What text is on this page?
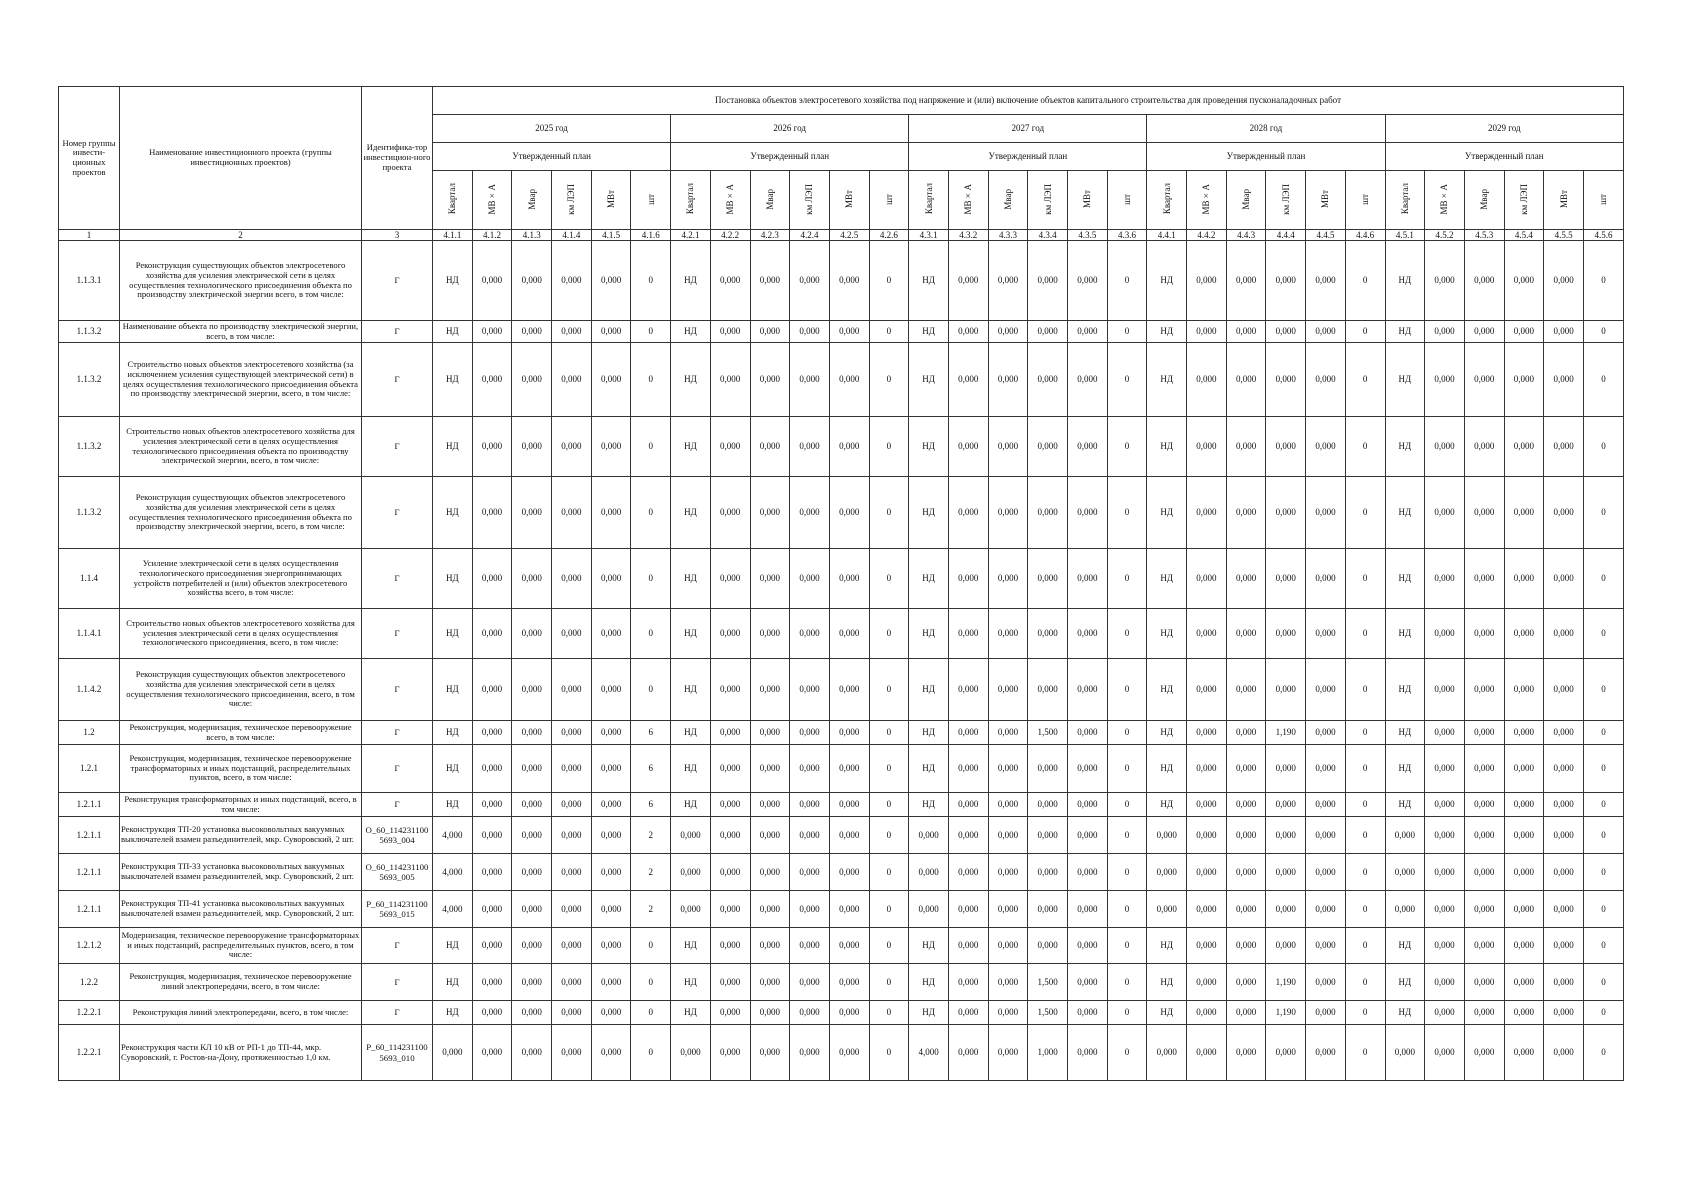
Номер группы инвести-ционных проектов	Наименование инвестиционного проекта (группы инвестиционных проектов)	Идентифика-тор инвестицион-ного проекта	Постановка объектов электросетевого хозяйства под напряжение и (или) включение объектов капитального строительства для проведения пусконаладочных работ																													
			2025 год						2026 год						2027 год						2028 год						2029 год					
			Утвержденный план						Утвержденный план						Утвержденный план						Утвержденный план						Утвержденный план					
			Квартал	МВ×А	Мвар	км ЛЭП	МВт	шт	Квартал	МВ×А	Мвар	км ЛЭП	МВт	шт	Квартал	МВ×А	Мвар	км ЛЭП	МВт	шт	Квартал	МВ×А	Мвар	км ЛЭП	МВт	шт	Квартал	МВ×А	Мвар	км ЛЭП	МВт	шт
1	2	3	4.1.1	4.1.2	4.1.3	4.1.4	4.1.5	4.1.6	4.2.1	4.2.2	4.2.3	4.2.4	4.2.5	4.2.6	4.3.1	4.3.2	4.3.3	4.3.4	4.3.5	4.3.6	4.4.1	4.4.2	4.4.3	4.4.4	4.4.5	4.4.6	4.5.1	4.5.2	4.5.3	4.5.4	4.5.5	4.5.6
1.1.3.1	Реконструкция существующих объектов электросетевого хозяйства для усиления электрической сети в целях осуществления технологического присоединения объекта по производству электрической энергии всего, в том числе:	Г	НД	0,000	0,000	0,000	0,000	0	НД	0,000	0,000	0,000	0,000	0	НД	0,000	0,000	0,000	0,000	0	НД	0,000	0,000	0,000	0,000	0	НД	0,000	0,000	0,000	0,000	0
1.1.3.2	Наименование объекта по производству электрической энергии, всего, в том числе:	Г	НД	0,000	0,000	0,000	0,000	0	НД	0,000	0,000	0,000	0,000	0	НД	0,000	0,000	0,000	0,000	0	НД	0,000	0,000	0,000	0,000	0	НД	0,000	0,000	0,000	0,000	0
1.1.3.2	Строительство новых объектов электросетевого хозяйства (за исключением усиления существующей электрической сети) в целях осуществления технологического присоединения объекта по производству электрической энергии, всего, в том числе:	Г	НД	0,000	0,000	0,000	0,000	0	НД	0,000	0,000	0,000	0,000	0	НД	0,000	0,000	0,000	0,000	0	НД	0,000	0,000	0,000	0,000	0	НД	0,000	0,000	0,000	0,000	0
1.1.3.2	Строительство новых объектов электросетевого хозяйства для усиления электрической сети в целях осуществления технологического присоединения объекта по производству электрической энергии, всего, в том числе:	Г	НД	0,000	0,000	0,000	0,000	0	НД	0,000	0,000	0,000	0,000	0	НД	0,000	0,000	0,000	0,000	0	НД	0,000	0,000	0,000	0,000	0	НД	0,000	0,000	0,000	0,000	0
1.1.3.2	Реконструкция существующих объектов электросетевого хозяйства для усиления электрической сети в целях осуществления технологического присоединения объекта по производству электрической энергии, всего, в том числе:	Г	НД	0,000	0,000	0,000	0,000	0	НД	0,000	0,000	0,000	0,000	0	НД	0,000	0,000	0,000	0,000	0	НД	0,000	0,000	0,000	0,000	0	НД	0,000	0,000	0,000	0,000	0
1.1.4	Усиление электрической сети в целях осуществления технологического присоединения энергопринимающих устройств потребителей и (или) объектов электросетевого хозяйства всего, в том числе:	Г	НД	0,000	0,000	0,000	0,000	0	НД	0,000	0,000	0,000	0,000	0	НД	0,000	0,000	0,000	0,000	0	НД	0,000	0,000	0,000	0,000	0	НД	0,000	0,000	0,000	0,000	0
1.1.4.1	Строительство новых объектов электросетевого хозяйства для усиления электрической сети в целях осуществления технологического присоединения, всего, в том числе:	Г	НД	0,000	0,000	0,000	0,000	0	НД	0,000	0,000	0,000	0,000	0	НД	0,000	0,000	0,000	0,000	0	НД	0,000	0,000	0,000	0,000	0	НД	0,000	0,000	0,000	0,000	0
1.1.4.2	Реконструкция существующих объектов электросетевого хозяйства для усиления электрической сети в целях осуществления технологического присоединения, всего, в том числе:	Г	НД	0,000	0,000	0,000	0,000	0	НД	0,000	0,000	0,000	0,000	0	НД	0,000	0,000	0,000	0,000	0	НД	0,000	0,000	0,000	0,000	0	НД	0,000	0,000	0,000	0,000	0
1.2	Реконструкция, модернизация, техническое перевооружение всего, в том числе:	Г	НД	0,000	0,000	0,000	0,000	6	НД	0,000	0,000	0,000	0,000	0	НД	0,000	0,000	1,500	0,000	0	НД	0,000	0,000	1,190	0,000	0	НД	0,000	0,000	0,000	0,000	0
1.2.1	Реконструкция, модернизация, техническое перевооружение трансформаторных и иных подстанций, распределительных пунктов, всего, в том числе:	Г	НД	0,000	0,000	0,000	0,000	6	НД	0,000	0,000	0,000	0,000	0	НД	0,000	0,000	0,000	0,000	0	НД	0,000	0,000	0,000	0,000	0	НД	0,000	0,000	0,000	0,000	0
1.2.1.1	Реконструкция трансформаторных и иных подстанций, всего, в том числе:	Г	НД	0,000	0,000	0,000	0,000	6	НД	0,000	0,000	0,000	0,000	0	НД	0,000	0,000	0,000	0,000	0	НД	0,000	0,000	0,000	0,000	0	НД	0,000	0,000	0,000	0,000	0
1.2.1.1	Реконструкция ТП-20 установка высоковольтных вакуумных выключателей взамен разъединителей, мкр. Суворовский, 2 шт.	О_60_1142311005693_004	4,000	0,000	0,000	0,000	0,000	2	0,000	0,000	0,000	0,000	0,000	0	0,000	0,000	0,000	0,000	0,000	0	0,000	0,000	0,000	0,000	0,000	0	0,000	0,000	0,000	0,000	0,000	0
1.2.1.1	Реконструкция ТП-33 установка высоковольтных вакуумных выключателей взамен разъединителей, мкр. Суворовский, 2 шт.	О_60_1142311005693_005	4,000	0,000	0,000	0,000	0,000	2	0,000	0,000	0,000	0,000	0,000	0	0,000	0,000	0,000	0,000	0,000	0	0,000	0,000	0,000	0,000	0,000	0	0,000	0,000	0,000	0,000	0,000	0
1.2.1.1	Реконструкция ТП-41 установка высоковольтных вакуумных выключателей взамен разъединителей, мкр. Суворовский, 2 шт.	Р_60_1142311005693_015	4,000	0,000	0,000	0,000	0,000	2	0,000	0,000	0,000	0,000	0,000	0	0,000	0,000	0,000	0,000	0,000	0	0,000	0,000	0,000	0,000	0,000	0	0,000	0,000	0,000	0,000	0,000	0
1.2.1.2	Модернизация, техническое перевооружение трансформаторных и иных подстанций, распределительных пунктов, всего, в том числе:	Г	НД	0,000	0,000	0,000	0,000	0	НД	0,000	0,000	0,000	0,000	0	НД	0,000	0,000	0,000	0,000	0	НД	0,000	0,000	0,000	0,000	0	НД	0,000	0,000	0,000	0,000	0
1.2.2	Реконструкция, модернизация, техническое перевооружение линий электропередачи, всего, в том числе:	Г	НД	0,000	0,000	0,000	0,000	0	НД	0,000	0,000	0,000	0,000	0	НД	0,000	0,000	1,500	0,000	0	НД	0,000	0,000	1,190	0,000	0	НД	0,000	0,000	0,000	0,000	0
1.2.2.1	Реконструкция линий электропередачи, всего, в том числе:	Г	НД	0,000	0,000	0,000	0,000	0	НД	0,000	0,000	0,000	0,000	0	НД	0,000	0,000	1,500	0,000	0	НД	0,000	0,000	1,190	0,000	0	НД	0,000	0,000	0,000	0,000	0
1.2.2.1	Реконструкция части КЛ 10 кВ от РП-1 до ТП-44, мкр. Суворовский, г. Ростов-на-Дону, протяженностью 1,0 км.	Р_60_1142311005693_010	0,000	0,000	0,000	0,000	0,000	0	0,000	0,000	0,000	0,000	0,000	0	4,000	0,000	0,000	1,000	0,000	0	0,000	0,000	0,000	0,000	0,000	0	0,000	0,000	0,000	0,000	0,000	0
